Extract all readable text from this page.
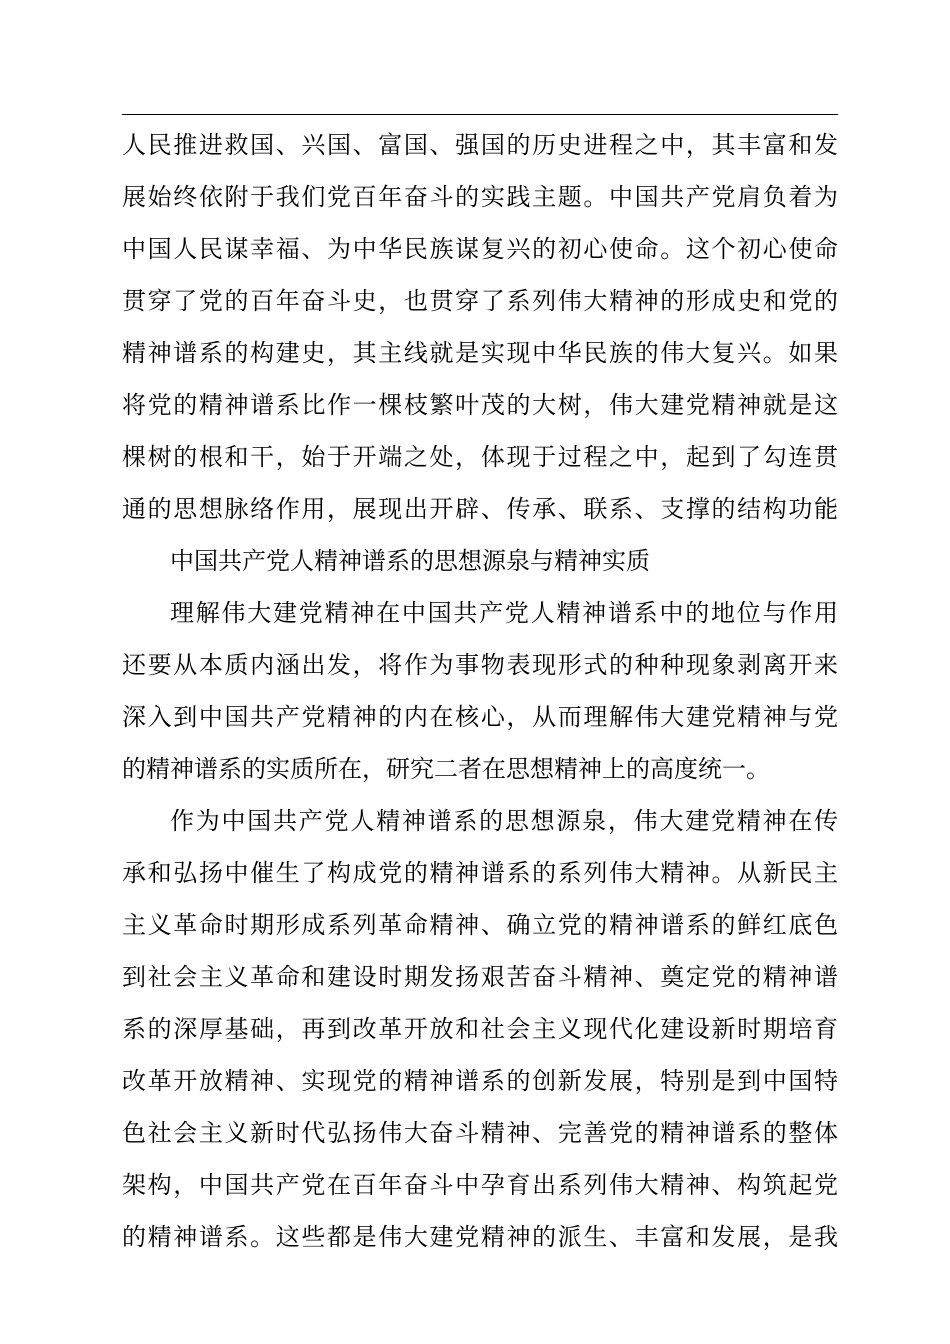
人民推进救国、兴国、富国、强国的历史进程之中，其丰富和发
展始终依附于我们党百年奋斗的实践主题。中国共产党肩负着为
中国人民谋幸福、为中华民族谋复兴的初心使命。这个初心使命
贯穿了党的百年奋斗史，也贯穿了系列伟大精神的形成史和党的
精神谱系的构建史，其主线就是实现中华民族的伟大复兴。如果
将党的精神谱系比作一棵枝繁叶茂的大树，伟大建党精神就是这
棵树的根和干，始于开端之处，体现于过程之中，起到了勾连贯
通的思想脉络作用，展现出开辟、传承、联系、支撑的结构功能
中国共产党人精神谱系的思想源泉与精神实质
理解伟大建党精神在中国共产党人精神谱系中的地位与作用
还要从本质内涵出发，将作为事物表现形式的种种现象剥离开来
深入到中国共产党精神的内在核心，从而理解伟大建党精神与党
的精神谱系的实质所在，研究二者在思想精神上的高度统一。
作为中国共产党人精神谱系的思想源泉，伟大建党精神在传
承和弘扬中催生了构成党的精神谱系的系列伟大精神。从新民主
主义革命时期形成系列革命精神、确立党的精神谱系的鲜红底色
到社会主义革命和建设时期发扬艰苦奋斗精神、奠定党的精神谱
系的深厚基础，再到改革开放和社会主义现代化建设新时期培育
改革开放精神、实现党的精神谱系的创新发展，特别是到中国特
色社会主义新时代弘扬伟大奋斗精神、完善党的精神谱系的整体
架构，中国共产党在百年奋斗中孕育出系列伟大精神、构筑起党
的精神谱系。这些都是伟大建党精神的派生、丰富和发展，是我
